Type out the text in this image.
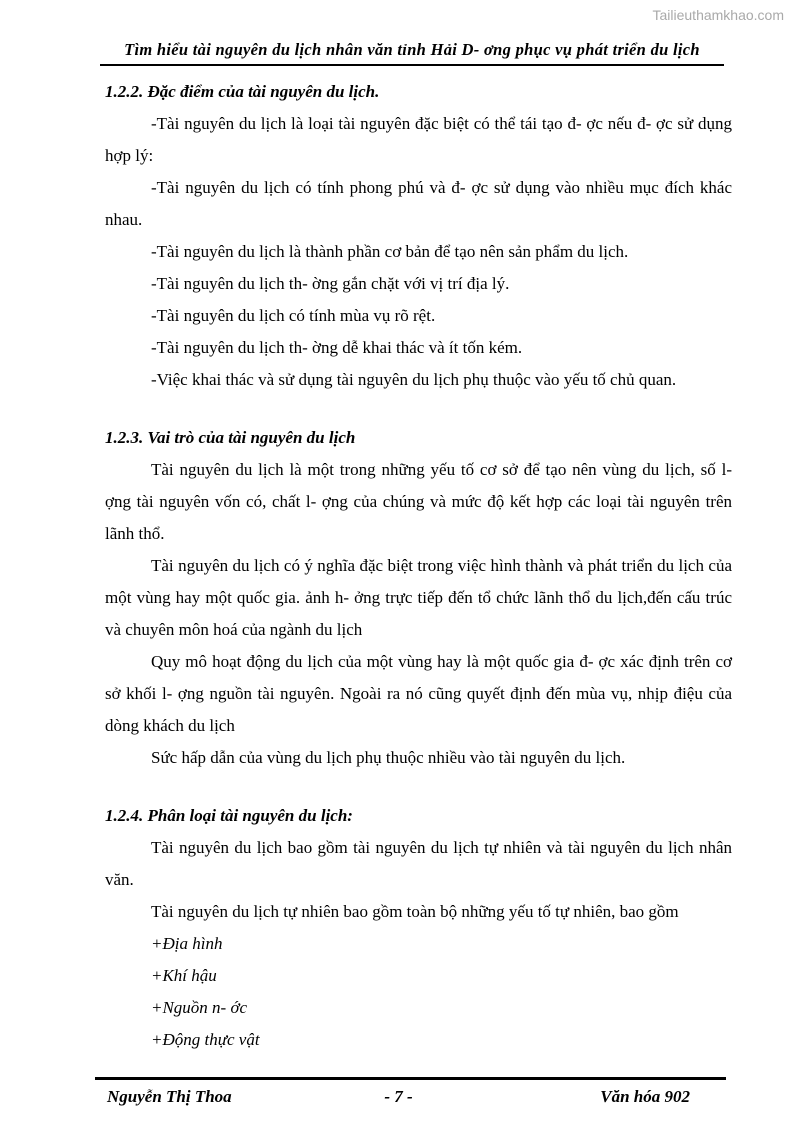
Tailieuthamkhao.com
Tìm hiểu tài nguyên du lịch nhân văn tỉnh Hải D- ơng phục vụ phát triển du lịch
1.2.2. Đặc điểm của tài nguyên du lịch.

-Tài nguyên du lịch là loại tài nguyên đặc biệt có thể tái tạo đ- ợc nếu đ- ợc sử dụng hợp lý:

-Tài nguyên du lịch có tính phong phú và đ- ợc sử dụng vào nhiều mục đích khác nhau.

-Tài nguyên du lịch là thành phần cơ bản để tạo nên sản phẩm du lịch.

-Tài nguyên du lịch th- ờng gắn chặt với vị trí địa lý.

-Tài nguyên du lịch có tính mùa vụ rõ rệt.

-Tài nguyên du lịch th- ờng dễ khai thác và ít tốn kém.

-Việc khai thác và sử dụng tài nguyên du lịch phụ thuộc vào yếu tố chủ quan.

1.2.3. Vai trò của tài nguyên du lịch

Tài nguyên du lịch là một trong những yếu tố cơ sở để tạo nên vùng du lịch, số l- ợng tài nguyên vốn có, chất l- ợng của chúng và mức độ kết hợp các loại tài nguyên trên lãnh thổ.

Tài nguyên du lịch có ý nghĩa đặc biệt trong việc hình thành và phát triển du lịch của một vùng hay một quốc gia. ảnh h- ởng trực tiếp đến tổ chức lãnh thổ du lịch,đến cấu trúc và chuyên môn hoá của ngành du lịch

Quy mô hoạt động du lịch của một vùng hay là một quốc gia đ- ợc xác định trên cơ sở khối l- ợng nguồn tài nguyên. Ngoài ra nó cũng quyết định đến mùa vụ, nhịp điệu của dòng khách du lịch

Sức hấp dẫn của vùng du lịch phụ thuộc nhiều vào tài nguyên du lịch.

1.2.4. Phân loại tài nguyên du lịch:

Tài nguyên du lịch bao gồm tài nguyên du lịch tự nhiên và tài nguyên du lịch nhân văn.

Tài nguyên du lịch tự nhiên bao gồm toàn bộ những yếu tố tự nhiên, bao gồm

+Địa hình

+Khí hậu

+Nguồn n- ớc

+Động thực vật

Nguyễn Thị Thoa	- 7 -	Văn hóa 902
